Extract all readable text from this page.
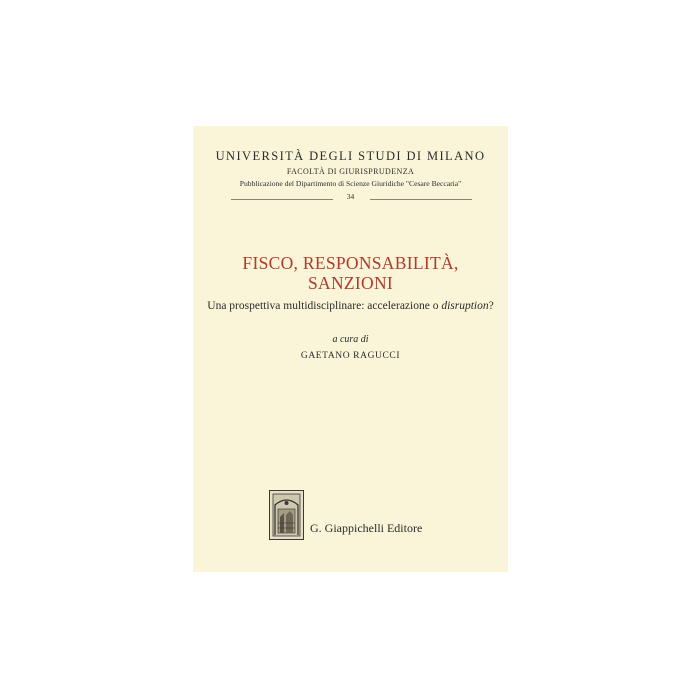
UNIVERSITÀ DEGLI STUDI DI MILANO
FACOLTÀ DI GIURISPRUDENZA
Pubblicazione del Dipartimento di Scienze Giuridiche "Cesare Beccaria"
34
FISCO, RESPONSABILITÀ,
SANZIONI
Una prospettiva multidisciplinare: accelerazione o disruption?
a cura di
GAETANO RAGUCCI
G. Giappichelli Editore
